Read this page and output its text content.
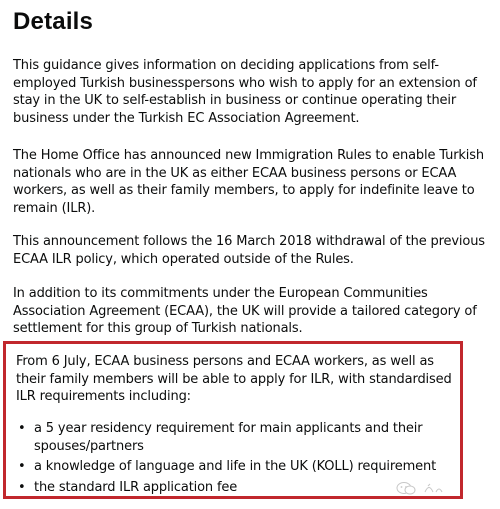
Details

This guidance gives information on deciding applications from self-employed Turkish businesspersons who wish to apply for an extension of stay in the UK to self-establish in business or continue operating their business under the Turkish EC Association Agreement.

The Home Office has announced new Immigration Rules to enable Turkish nationals who are in the UK as either ECAA business persons or ECAA workers, as well as their family members, to apply for indefinite leave to remain (ILR).

This announcement follows the 16 March 2018 withdrawal of the previous ECAA ILR policy, which operated outside of the Rules.

In addition to its commitments under the European Communities Association Agreement (ECAA), the UK will provide a tailored category of settlement for this group of Turkish nationals.

From 6 July, ECAA business persons and ECAA workers, as well as their family members will be able to apply for ILR, with standardised ILR requirements including:

• a 5 year residency requirement for main applicants and their spouses/partners
• a knowledge of language and life in the UK (KOLL) requirement
• the standard ILR application fee
